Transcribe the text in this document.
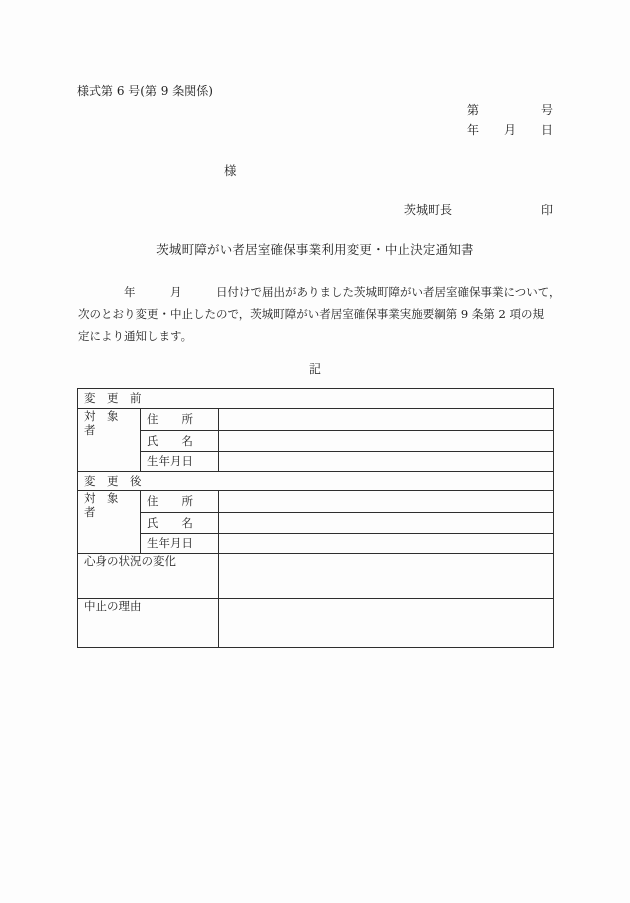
様式第 6 号(第 9 条関係)
第	号
年 月 日
様
茨城町長	印
茨城町障がい者居室確保事業利用変更・中止決定通知書
　　　　年　　　月　　　日付けで届出がありました茨城町障がい者居室確保事業について，
次のとおり変更・中止したので，茨城町障がい者居室確保事業実施要綱第 9 条第 2 項の規
定により通知します。
記
変　更　前		
対　象　者	住　　所	
	氏　　名	
	生年月日	
変　更　後		
対　象　者	住　　所	
	氏　　名	
	生年月日	
心身の状況の変化		
中止の理由		
